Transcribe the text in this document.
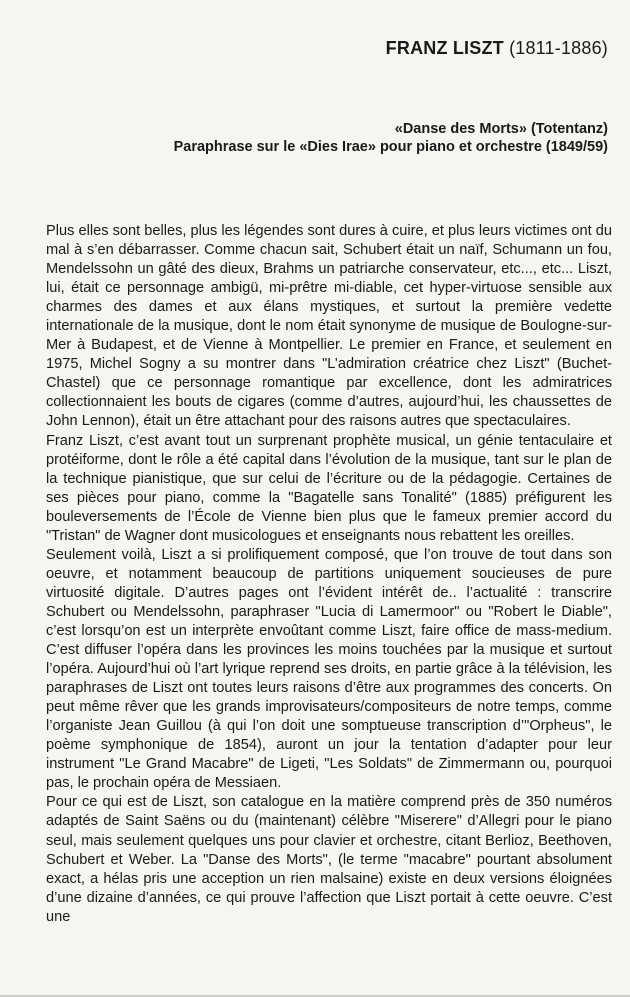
FRANZ LISZT (1811-1886)
«Danse des Morts» (Totentanz)
Paraphrase sur le «Dies Irae» pour piano et orchestre (1849/59)

Plus elles sont belles, plus les légendes sont dures à cuire, et plus leurs victimes ont du mal à s’en débarrasser. Comme chacun sait, Schubert était un naïf, Schumann un fou, Mendelssohn un gâté des dieux, Brahms un patriarche conservateur, etc..., etc... Liszt, lui, était ce personnage ambigü, mi-prêtre mi-diable, cet hyper-virtuose sensible aux charmes des dames et aux élans mystiques, et surtout la première vedette internationale de la musique, dont le nom était synonyme de musique de Boulogne-sur-Mer à Budapest, et de Vienne à Montpellier. Le premier en France, et seulement en 1975, Michel Sogny a su montrer dans "L’admiration créatrice chez Liszt" (Buchet-Chastel) que ce personnage romantique par excellence, dont les admiratrices collectionnaient les bouts de cigares (comme d’autres, aujourd’hui, les chaussettes de John Lennon), était un être attachant pour des raisons autres que spectaculaires.

Franz Liszt, c’est avant tout un surprenant prophète musical, un génie tentaculaire et protéiforme, dont le rôle a été capital dans l’évolution de la musique, tant sur le plan de la technique pianistique, que sur celui de l’écriture ou de la pédagogie. Certaines de ses pièces pour piano, comme la "Bagatelle sans Tonalité" (1885) préfigurent les bouleversements de l’École de Vienne bien plus que le fameux premier accord du "Tristan" de Wagner dont musicologues et enseignants nous rebattent les oreilles.

Seulement voilà, Liszt a si prolifiquement composé, que l’on trouve de tout dans son oeuvre, et notamment beaucoup de partitions uniquement soucieuses de pure virtuosité digitale. D’autres pages ont l’évident intérêt de.. l’actualité : transcrire Schubert ou Mendelssohn, paraphraser "Lucia di Lamermoor" ou "Robert le Diable", c’est lorsqu’on est un interprète envoûtant comme Liszt, faire office de mass-medium. C’est diffuser l’opéra dans les provinces les moins touchées par la musique et surtout l’opéra. Aujourd’hui où l’art lyrique reprend ses droits, en partie grâce à la télévision, les paraphrases de Liszt ont toutes leurs raisons d’être aux programmes des concerts. On peut même rêver que les grands improvisateurs/compositeurs de notre temps, comme l’organiste Jean Guillou (à qui l’on doit une somptueuse transcription d’"Orpheus", le poème symphonique de 1854), auront un jour la tentation d’adapter pour leur instrument "Le Grand Macabre" de Ligeti, "Les Soldats" de Zimmermann ou, pourquoi pas, le prochain opéra de Messiaen.

Pour ce qui est de Liszt, son catalogue en la matière comprend près de 350 numéros adaptés de Saint Saëns ou du (maintenant) célèbre "Miserere" d’Allegri pour le piano seul, mais seulement quelques uns pour clavier et orchestre, citant Berlioz, Beethoven, Schubert et Weber. La "Danse des Morts", (le terme "macabre" pourtant absolument exact, a hélas pris une acception un rien malsaine) existe en deux versions éloignées d’une dizaine d’années, ce qui prouve l’affection que Liszt portait à cette oeuvre. C’est une
